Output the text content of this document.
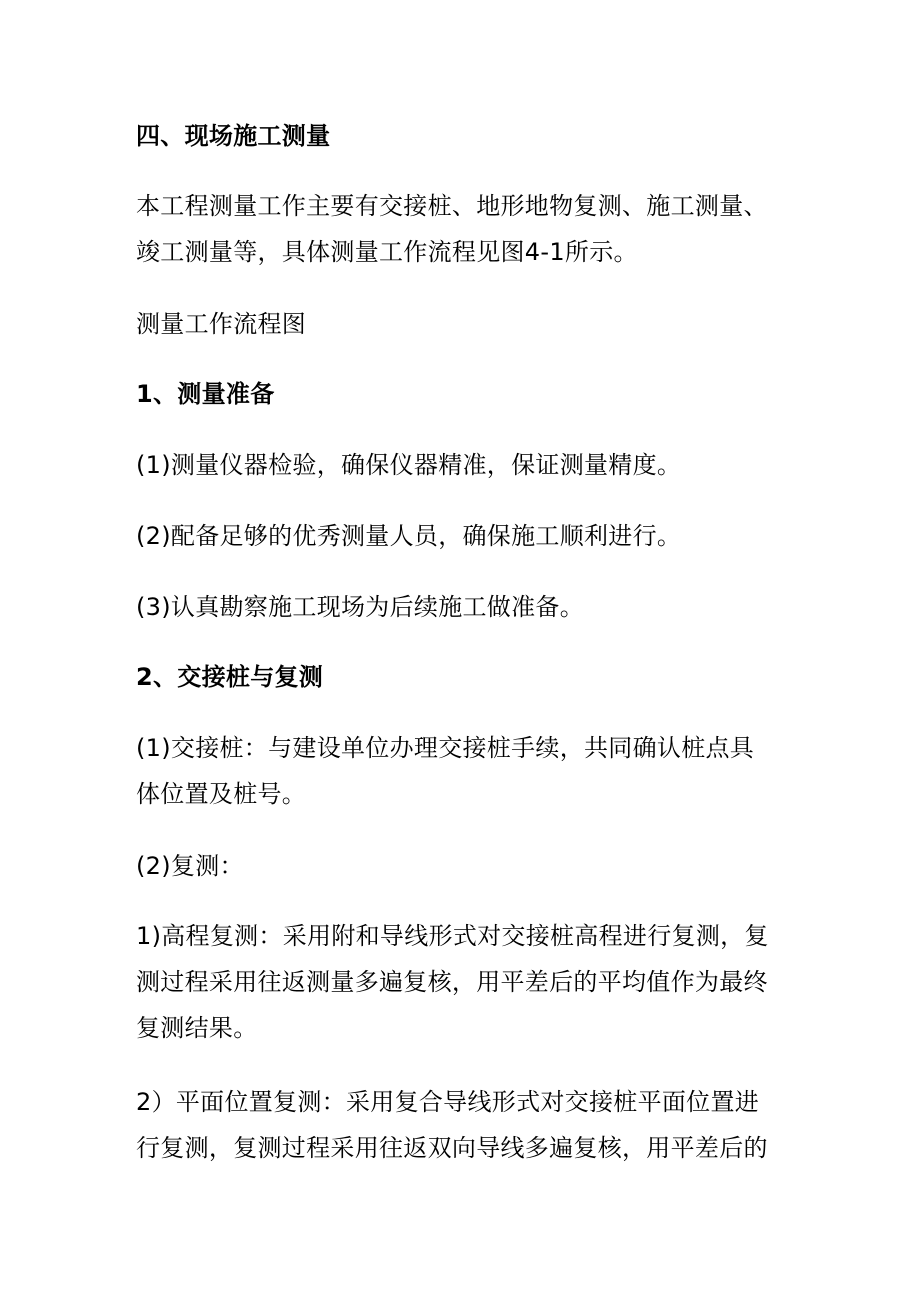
四、现场施工测量

本工程测量工作主要有交接桩、地形地物复测、施工测量、
竣工测量等，具体测量工作流程见图4-1所示。

测量工作流程图

1、测量准备

(1)测量仪器检验，确保仪器精准，保证测量精度。

(2)配备足够的优秀测量人员，确保施工顺利进行。

(3)认真勘察施工现场为后续施工做准备。

2、交接桩与复测

(1)交接桩：与建设单位办理交接桩手续，共同确认桩点具
体位置及桩号。

(2)复测：

1)高程复测：采用附和导线形式对交接桩高程进行复测，复
测过程采用往返测量多遍复核，用平差后的平均值作为最终
复测结果。

2）平面位置复测：采用复合导线形式对交接桩平面位置进
行复测，复测过程采用往返双向导线多遍复核，用平差后的
